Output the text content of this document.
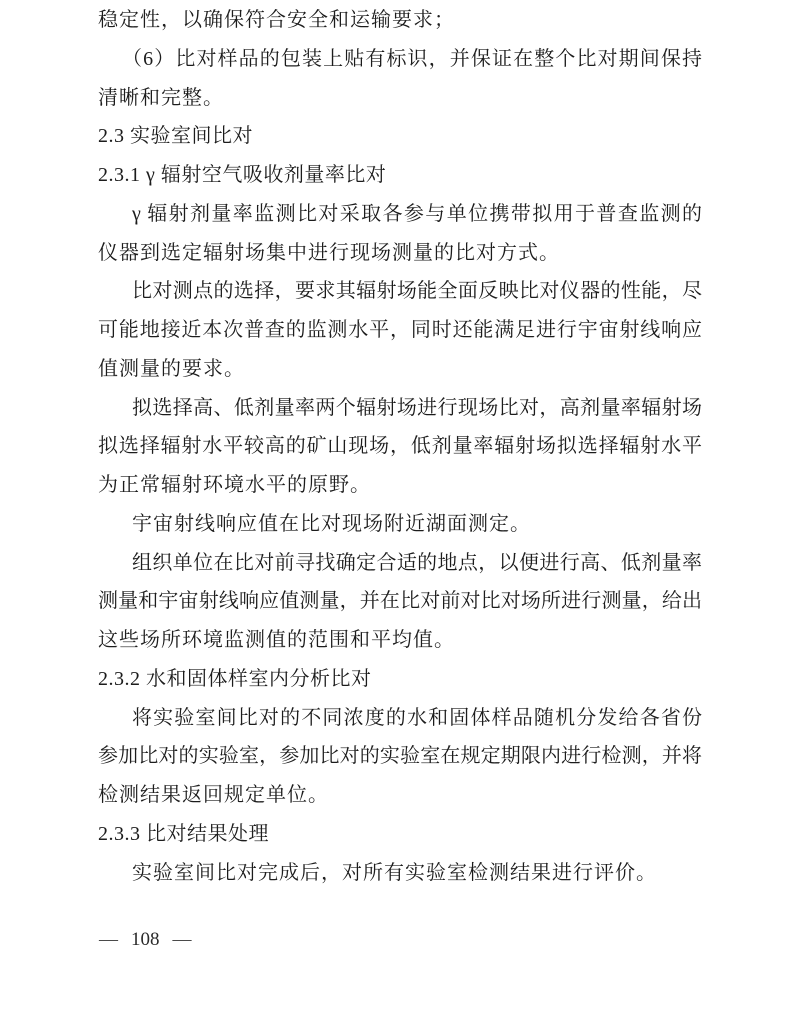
稳定性，以确保符合安全和运输要求；
（6）比对样品的包装上贴有标识，并保证在整个比对期间保持
清晰和完整。
2.3 实验室间比对
2.3.1 γ 辐射空气吸收剂量率比对
γ 辐射剂量率监测比对采取各参与单位携带拟用于普查监测的
仪器到选定辐射场集中进行现场测量的比对方式。
比对测点的选择，要求其辐射场能全面反映比对仪器的性能，尽
可能地接近本次普查的监测水平，同时还能满足进行宇宙射线响应
值测量的要求。
拟选择高、低剂量率两个辐射场进行现场比对，高剂量率辐射场
拟选择辐射水平较高的矿山现场，低剂量率辐射场拟选择辐射水平
为正常辐射环境水平的原野。
宇宙射线响应值在比对现场附近湖面测定。
组织单位在比对前寻找确定合适的地点，以便进行高、低剂量率
测量和宇宙射线响应值测量，并在比对前对比对场所进行测量，给出
这些场所环境监测值的范围和平均值。
2.3.2 水和固体样室内分析比对
将实验室间比对的不同浓度的水和固体样品随机分发给各省份
参加比对的实验室，参加比对的实验室在规定期限内进行检测，并将
检测结果返回规定单位。
2.3.3 比对结果处理
实验室间比对完成后，对所有实验室检测结果进行评价。
— 108 —
